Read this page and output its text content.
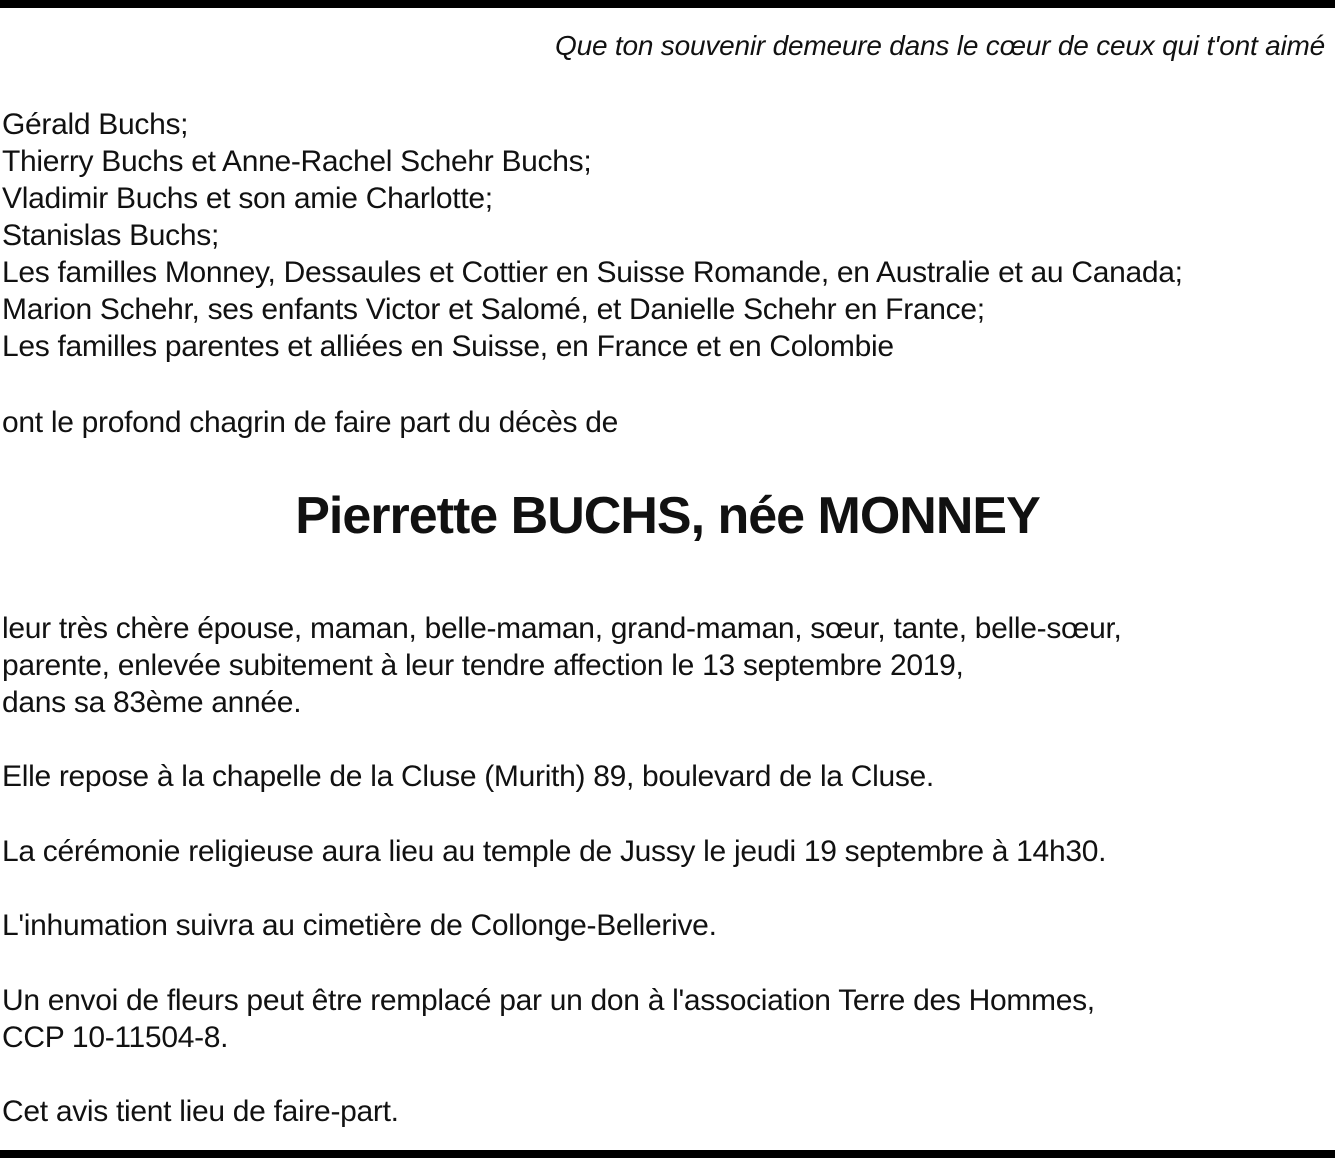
Que ton souvenir demeure dans le cœur de ceux qui t'ont aimé
Gérald Buchs;
Thierry Buchs et Anne-Rachel Schehr Buchs;
Vladimir Buchs et son amie Charlotte;
Stanislas Buchs;
Les familles Monney, Dessaules et Cottier en Suisse Romande, en Australie et au Canada;
Marion Schehr, ses enfants Victor et Salomé, et Danielle Schehr en France;
Les familles parentes et alliées en Suisse, en France et en Colombie
ont le profond chagrin de faire part du décès de
Pierrette BUCHS, née MONNEY
leur très chère épouse, maman, belle-maman, grand-maman, sœur, tante, belle-sœur,
parente, enlevée subitement à leur tendre affection le 13 septembre 2019,
dans sa 83ème année.
Elle repose à la chapelle de la Cluse (Murith) 89, boulevard de la Cluse.
La cérémonie religieuse aura lieu au temple de Jussy le jeudi 19 septembre à 14h30.
L'inhumation suivra au cimetière de Collonge-Bellerive.
Un envoi de fleurs peut être remplacé par un don à l'association Terre des Hommes,
CCP 10-11504-8.
Cet avis tient lieu de faire-part.
